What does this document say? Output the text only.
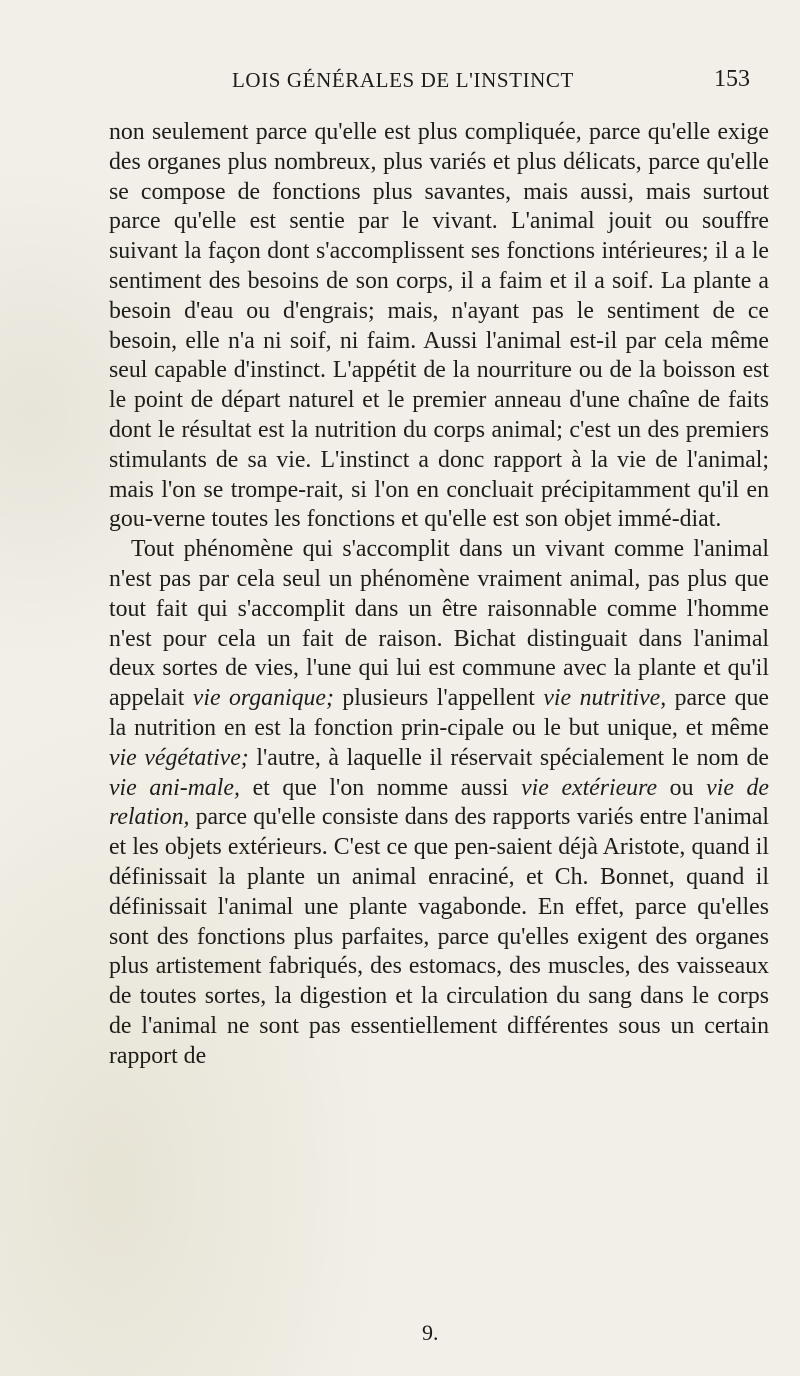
LOIS GÉNÉRALES DE L'INSTINCT	153

non seulement parce qu'elle est plus compliquée, parce qu'elle exige des organes plus nombreux, plus variés et plus délicats, parce qu'elle se compose de fonctions plus savantes, mais aussi, mais surtout parce qu'elle est sentie par le vivant. L'animal jouit ou souffre suivant la façon dont s'accomplissent ses fonctions intérieures; il a le sentiment des besoins de son corps, il a faim et il a soif. La plante a besoin d'eau ou d'engrais; mais, n'ayant pas le sentiment de ce besoin, elle n'a ni soif, ni faim. Aussi l'animal est-il par cela même seul capable d'instinct. L'appétit de la nourriture ou de la boisson est le point de départ naturel et le premier anneau d'une chaîne de faits dont le résultat est la nutrition du corps animal; c'est un des premiers stimulants de sa vie. L'instinct a donc rapport à la vie de l'animal; mais l'on se trompe-rait, si l'on en concluait précipitamment qu'il en gou-verne toutes les fonctions et qu'elle est son objet immé-diat.

Tout phénomène qui s'accomplit dans un vivant comme l'animal n'est pas par cela seul un phénomène vraiment animal, pas plus que tout fait qui s'accomplit dans un être raisonnable comme l'homme n'est pour cela un fait de raison. Bichat distinguait dans l'animal deux sortes de vies, l'une qui lui est commune avec la plante et qu'il appelait vie organique; plusieurs l'appellent vie nutritive, parce que la nutrition en est la fonction prin-cipale ou le but unique, et même vie végétative; l'autre, à laquelle il réservait spécialement le nom de vie ani-male, et que l'on nomme aussi vie extérieure ou vie de relation, parce qu'elle consiste dans des rapports variés entre l'animal et les objets extérieurs. C'est ce que pen-saient déjà Aristote, quand il définissait la plante un animal enraciné, et Ch. Bonnet, quand il définissait l'animal une plante vagabonde. En effet, parce qu'elles sont des fonctions plus parfaites, parce qu'elles exigent des organes plus artistement fabriqués, des estomacs, des muscles, des vaisseaux de toutes sortes, la digestion et la circulation du sang dans le corps de l'animal ne sont pas essentiellement différentes sous un certain rapport de

9.
